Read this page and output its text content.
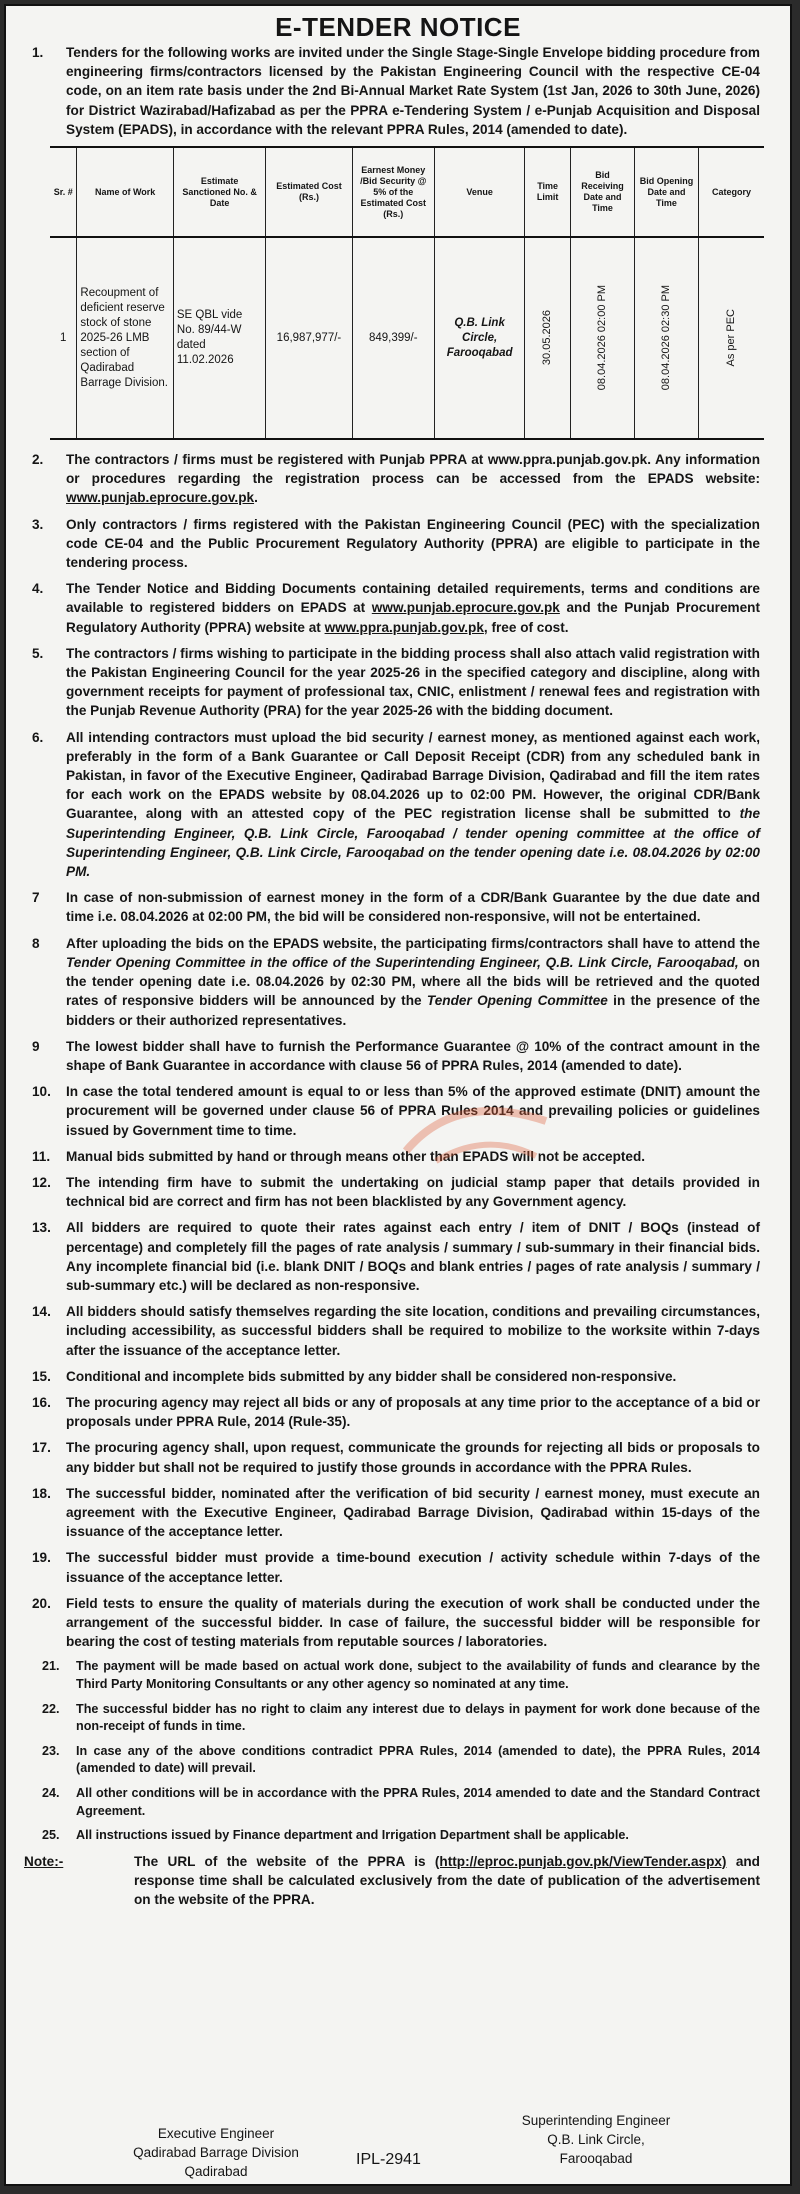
E-TENDER NOTICE
1.	Tenders for the following works are invited under the Single Stage-Single Envelope bidding procedure from engineering firms/contractors licensed by the Pakistan Engineering Council with the respective CE-04 code, on an item rate basis under the 2nd Bi-Annual Market Rate System (1st Jan, 2026 to 30th June, 2026) for District Wazirabad/Hafizabad as per the PPRA e-Tendering System / e-Punjab Acquisition and Disposal System (EPADS), in accordance with the relevant PPRA Rules, 2014 (amended to date).
Sr. #	Name of Work	Estimate Sanctioned No. & Date	Estimated Cost (Rs.)	Earnest Money /Bid Security @ 5% of the Estimated Cost (Rs.)	Venue	Time Limit	Bid Receiving Date and Time	Bid Opening Date and Time	Category

1	Recoupment of deficient reserve stock of stone 2025-26 LMB section of Qadirabad Barrage Division.	SE QBL vide No. 89/44-W dated 11.02.2026	16,987,977/-	849,399/-	Q.B. Link Circle, Farooqabad	30.05.2026	08.04.2026 02:00 PM	08.04.2026 02:30 PM	As per PEC
2.	The contractors / firms must be registered with Punjab PPRA at www.ppra.punjab.gov.pk. Any information or procedures regarding the registration process can be accessed from the EPADS website: www.punjab.eprocure.gov.pk.
3.	Only contractors / firms registered with the Pakistan Engineering Council (PEC) with the specialization code CE-04 and the Public Procurement Regulatory Authority (PPRA) are eligible to participate in the tendering process.
4.	The Tender Notice and Bidding Documents containing detailed requirements, terms and conditions are available to registered bidders on EPADS at www.punjab.eprocure.gov.pk and the Punjab Procurement Regulatory Authority (PPRA) website at www.ppra.punjab.gov.pk, free of cost.
5.	The contractors / firms wishing to participate in the bidding process shall also attach valid registration with the Pakistan Engineering Council for the year 2025-26 in the specified category and discipline, along with government receipts for payment of professional tax, CNIC, enlistment / renewal fees and registration with the Punjab Revenue Authority (PRA) for the year 2025-26 with the bidding document.
6.	All intending contractors must upload the bid security / earnest money, as mentioned against each work, preferably in the form of a Bank Guarantee or Call Deposit Receipt (CDR) from any scheduled bank in Pakistan, in favor of the Executive Engineer, Qadirabad Barrage Division, Qadirabad and fill the item rates for each work on the EPADS website by 08.04.2026 up to 02:00 PM. However, the original CDR/Bank Guarantee, along with an attested copy of the PEC registration license shall be submitted to the Superintending Engineer, Q.B. Link Circle, Farooqabad / tender opening committee at the office of Superintending Engineer, Q.B. Link Circle, Farooqabad on the tender opening date i.e. 08.04.2026 by 02:00 PM.
7	In case of non-submission of earnest money in the form of a CDR/Bank Guarantee by the due date and time i.e. 08.04.2026 at 02:00 PM, the bid will be considered non-responsive, will not be entertained.
8	After uploading the bids on the EPADS website, the participating firms/contractors shall have to attend the Tender Opening Committee in the office of the Superintending Engineer, Q.B. Link Circle, Farooqabad, on the tender opening date i.e. 08.04.2026 by 02:30 PM, where all the bids will be retrieved and the quoted rates of responsive bidders will be announced by the Tender Opening Committee in the presence of the bidders or their authorized representatives.
9	The lowest bidder shall have to furnish the Performance Guarantee @ 10% of the contract amount in the shape of Bank Guarantee in accordance with clause 56 of PPRA Rules, 2014 (amended to date).
10.	In case the total tendered amount is equal to or less than 5% of the approved estimate (DNIT) amount the procurement will be governed under clause 56 of PPRA Rules 2014 and prevailing policies or guidelines issued by Government time to time.
11.	Manual bids submitted by hand or through means other than EPADS will not be accepted.
12.	The intending firm have to submit the undertaking on judicial stamp paper that details provided in technical bid are correct and firm has not been blacklisted by any Government agency.
13.	All bidders are required to quote their rates against each entry / item of DNIT / BOQs (instead of percentage) and completely fill the pages of rate analysis / summary / sub-summary in their financial bids. Any incomplete financial bid (i.e. blank DNIT / BOQs and blank entries / pages of rate analysis / summary / sub-summary etc.) will be declared as non-responsive.
14.	All bidders should satisfy themselves regarding the site location, conditions and prevailing circumstances, including accessibility, as successful bidders shall be required to mobilize to the worksite within 7-days after the issuance of the acceptance letter.
15.	Conditional and incomplete bids submitted by any bidder shall be considered non-responsive.
16.	The procuring agency may reject all bids or any of proposals at any time prior to the acceptance of a bid or proposals under PPRA Rule, 2014 (Rule-35).
17.	The procuring agency shall, upon request, communicate the grounds for rejecting all bids or proposals to any bidder but shall not be required to justify those grounds in accordance with the PPRA Rules.
18.	The successful bidder, nominated after the verification of bid security / earnest money, must execute an agreement with the Executive Engineer, Qadirabad Barrage Division, Qadirabad within 15-days of the issuance of the acceptance letter.
19.	The successful bidder must provide a time-bound execution / activity schedule within 7-days of the issuance of the acceptance letter.
20.	Field tests to ensure the quality of materials during the execution of work shall be conducted under the arrangement of the successful bidder. In case of failure, the successful bidder will be responsible for bearing the cost of testing materials from reputable sources / laboratories.
21.	The payment will be made based on actual work done, subject to the availability of funds and clearance by the Third Party Monitoring Consultants or any other agency so nominated at any time.
22.	The successful bidder has no right to claim any interest due to delays in payment for work done because of the non-receipt of funds in time.
23.	In case any of the above conditions contradict PPRA Rules, 2014 (amended to date), the PPRA Rules, 2014 (amended to date) will prevail.
24.	All other conditions will be in accordance with the PPRA Rules, 2014 amended to date and the Standard Contract Agreement.
25.	All instructions issued by Finance department and Irrigation Department shall be applicable.
Note:-	The URL of the website of the PPRA is (http://eproc.punjab.gov.pk/ViewTender.aspx) and response time shall be calculated exclusively from the date of publication of the advertisement on the website of the PPRA.
Executive Engineer
Qadirabad Barrage Division
Qadirabad
Superintending Engineer
Q.B. Link Circle,
Farooqabad
IPL-2941
